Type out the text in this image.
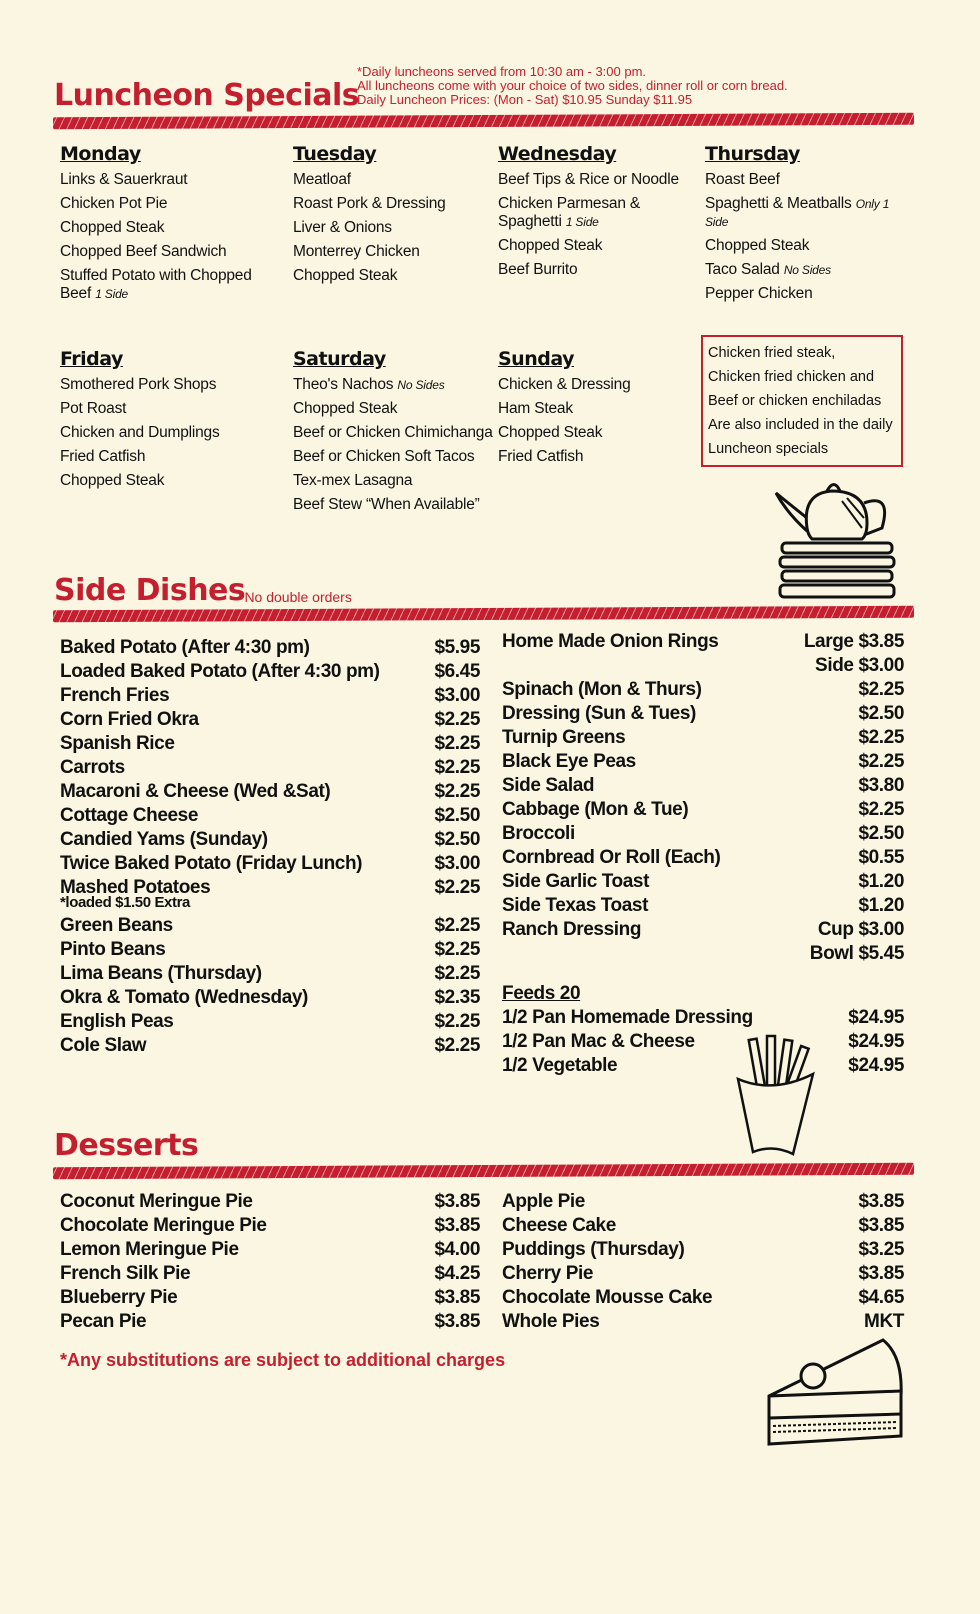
Luncheon Specials
*Daily luncheons served from 10:30 am - 3:00 pm.
All luncheons come with your choice of two sides, dinner roll or corn bread.
Daily Luncheon Prices: (Mon - Sat) $10.95 Sunday $11.95
Monday
Links & Sauerkraut
Chicken Pot Pie
Chopped Steak
Chopped Beef Sandwich
Stuffed Potato with Chopped Beef 1 Side
Tuesday
Meatloaf
Roast Pork & Dressing
Liver & Onions
Monterrey Chicken
Chopped Steak
Wednesday
Beef Tips & Rice or Noodle
Chicken Parmesan & Spaghetti 1 Side
Chopped Steak
Beef Burrito
Thursday
Roast Beef
Spaghetti & Meatballs Only 1 Side
Chopped Steak
Taco Salad No Sides
Pepper Chicken
Friday
Smothered Pork Shops
Pot Roast
Chicken and Dumplings
Fried Catfish
Chopped Steak
Saturday
Theo's Nachos No Sides
Chopped Steak
Beef or Chicken Chimichanga
Beef or Chicken Soft Tacos
Tex-mex Lasagna
Beef Stew “When Available”
Sunday
Chicken & Dressing
Ham Steak
Chopped Steak
Fried Catfish
Chicken fried steak,
Chicken fried chicken and
Beef or chicken enchiladas
Are also included in the daily
Luncheon specials
Side Dishes
*No double orders
Baked Potato (After 4:30 pm)	$5.95
Loaded Baked Potato (After 4:30 pm)	$6.45
French Fries	$3.00
Corn Fried Okra	$2.25
Spanish Rice	$2.25
Carrots	$2.25
Macaroni & Cheese (Wed &Sat)	$2.25
Cottage Cheese	$2.50
Candied Yams (Sunday)	$2.50
Twice Baked Potato (Friday Lunch)	$3.00
Mashed Potatoes	$2.25
*loaded $1.50 Extra
Green Beans	$2.25
Pinto Beans	$2.25
Lima Beans (Thursday)	$2.25
Okra & Tomato (Wednesday)	$2.35
English Peas	$2.25
Cole Slaw	$2.25
Home Made Onion Rings	Large $3.85
Side $3.00
Spinach (Mon & Thurs)	$2.25
Dressing (Sun & Tues)	$2.50
Turnip Greens	$2.25
Black Eye Peas	$2.25
Side Salad	$3.80
Cabbage (Mon & Tue)	$2.25
Broccoli	$2.50
Cornbread Or Roll (Each)	$0.55
Side Garlic Toast	$1.20
Side Texas Toast	$1.20
Ranch Dressing	Cup $3.00
Bowl $5.45
Feeds 20
1/2 Pan Homemade Dressing	$24.95
1/2 Pan Mac & Cheese	$24.95
1/2 Vegetable	$24.95
Desserts
Coconut Meringue Pie	$3.85
Chocolate Meringue Pie	$3.85
Lemon Meringue Pie	$4.00
French Silk Pie	$4.25
Blueberry Pie	$3.85
Pecan Pie	$3.85
Apple Pie	$3.85
Cheese Cake	$3.85
Puddings (Thursday)	$3.25
Cherry Pie	$3.85
Chocolate Mousse Cake	$4.65
Whole Pies	MKT
*Any substitutions are subject to additional charges
